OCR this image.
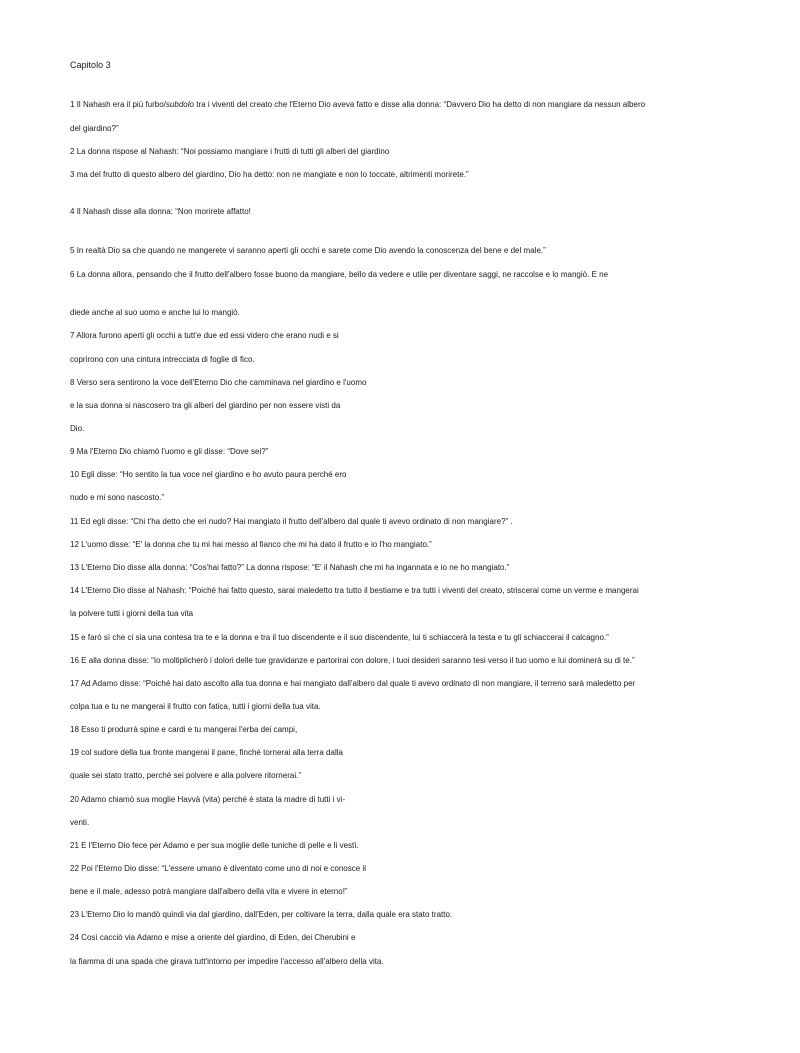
Capitolo 3
1 Il Nahash era il più furbo/subdolo tra i viventi del creato che l'Eterno Dio aveva fatto e disse alla donna: “Davvero Dio ha detto di non mangiare da nessun albero
del giardino?”
2 La donna rispose al Nahash: “Noi possiamo mangiare i frutti di tutti gli alberi del giardino
3 ma del frutto di questo albero del giardino, Dio ha detto: non ne mangiate e non lo toccate, altrimenti morirete.”
4 Il Nahash disse alla donna: “Non morirete affatto!
5 In realtà Dio sa che quando ne mangerete vi saranno aperti gli occhi e sarete come Dio avendo la conoscenza del bene e del male.”
6 La donna allora, pensando che il frutto dell'albero fosse buono da mangiare, bello da vedere e utile per diventare saggi, ne raccolse e lo mangiò. E ne
diede anche al suo uomo e anche lui lo mangiò.
7 Allora furono aperti gli occhi a tutt'e due ed essi videro che erano nudi e si
coprirono con una cintura intrecciata di foglie di fico.
8 Verso sera sentirono la voce dell'Eterno Dio che camminava nel giardino e l'uomo
e la sua donna si nascosero tra gli alberi del giardino per non essere visti da
Dio.
9 Ma l'Eterno Dio chiamò l'uomo e gli disse: “Dove sei?”
10 Egli disse: “Ho sentito la tua voce nel giardino e ho avuto paura perché ero
nudo e mi sono nascosto.”
11 Ed egli disse: “Chi t'ha detto che eri nudo? Hai mangiato il frutto dell'albero dal quale ti avevo ordinato di non mangiare?” .
12 L'uomo disse: “E' la donna che tu mi hai messo al fianco che mi ha dato il frutto e io l'ho mangiato.”
13 L'Eterno Dio disse alla donna: “Cos'hai fatto?” La donna rispose: “E' il Nahash che mi ha ingannata e io ne ho mangiato.”
14 L'Eterno Dio disse al Nahash: “Poiché hai fatto questo, sarai maledetto tra tutto il bestiame e tra tutti i viventi del creato, striscerai come un verme e mangerai
la polvere tutti i giorni della tua vita
15 e farò sì che ci sia una contesa tra te e la donna e tra il tuo discendente e il suo discendente, lui ti schiaccerà la testa e tu gli schiaccerai il calcagno.”
16 E alla donna disse: “Io moltiplicherò i dolori delle tue gravidanze e partorirai con dolore, i tuoi desideri saranno tesi verso il tuo uomo e lui dominerà su di te.”
17 Ad Adamo disse: “Poiché hai dato ascolto alla tua donna e hai mangiato dall'albero dal quale ti avevo ordinato di non mangiare, il terreno sarà maledetto per
colpa tua e tu ne mangerai il frutto con fatica, tutti i giorni della tua vita.
18 Esso ti produrrà spine e cardi e tu mangerai l'erba dei campi,
19 col sudore della tua fronte mangerai il pane, finché tornerai alla terra dalla
quale sei stato tratto, perché sei polvere e alla polvere ritornerai.”
20 Adamo chiamò sua moglie Havvà (vita) perché è stata la madre di tutti i vi-
venti.
21 E l'Eterno Dio fece per Adamo e per sua moglie delle tuniche di pelle e li vestì.
22 Poi l'Eterno Dio disse: “L'essere umano è diventato come uno di noi e conosce il
bene e il male, adesso potrà mangiare dall'albero della vita e vivere in eterno!”
23 L'Eterno Dio lo mandò quindi via dal giardino, dall'Eden, per coltivare la terra, dalla quale era stato tratto.
24 Così cacciò via Adamo e mise a oriente del giardino, di Eden, dei Cherubini e
la fiamma di una spada che girava tutt'intorno per impedire l'accesso all'albero della vita.
